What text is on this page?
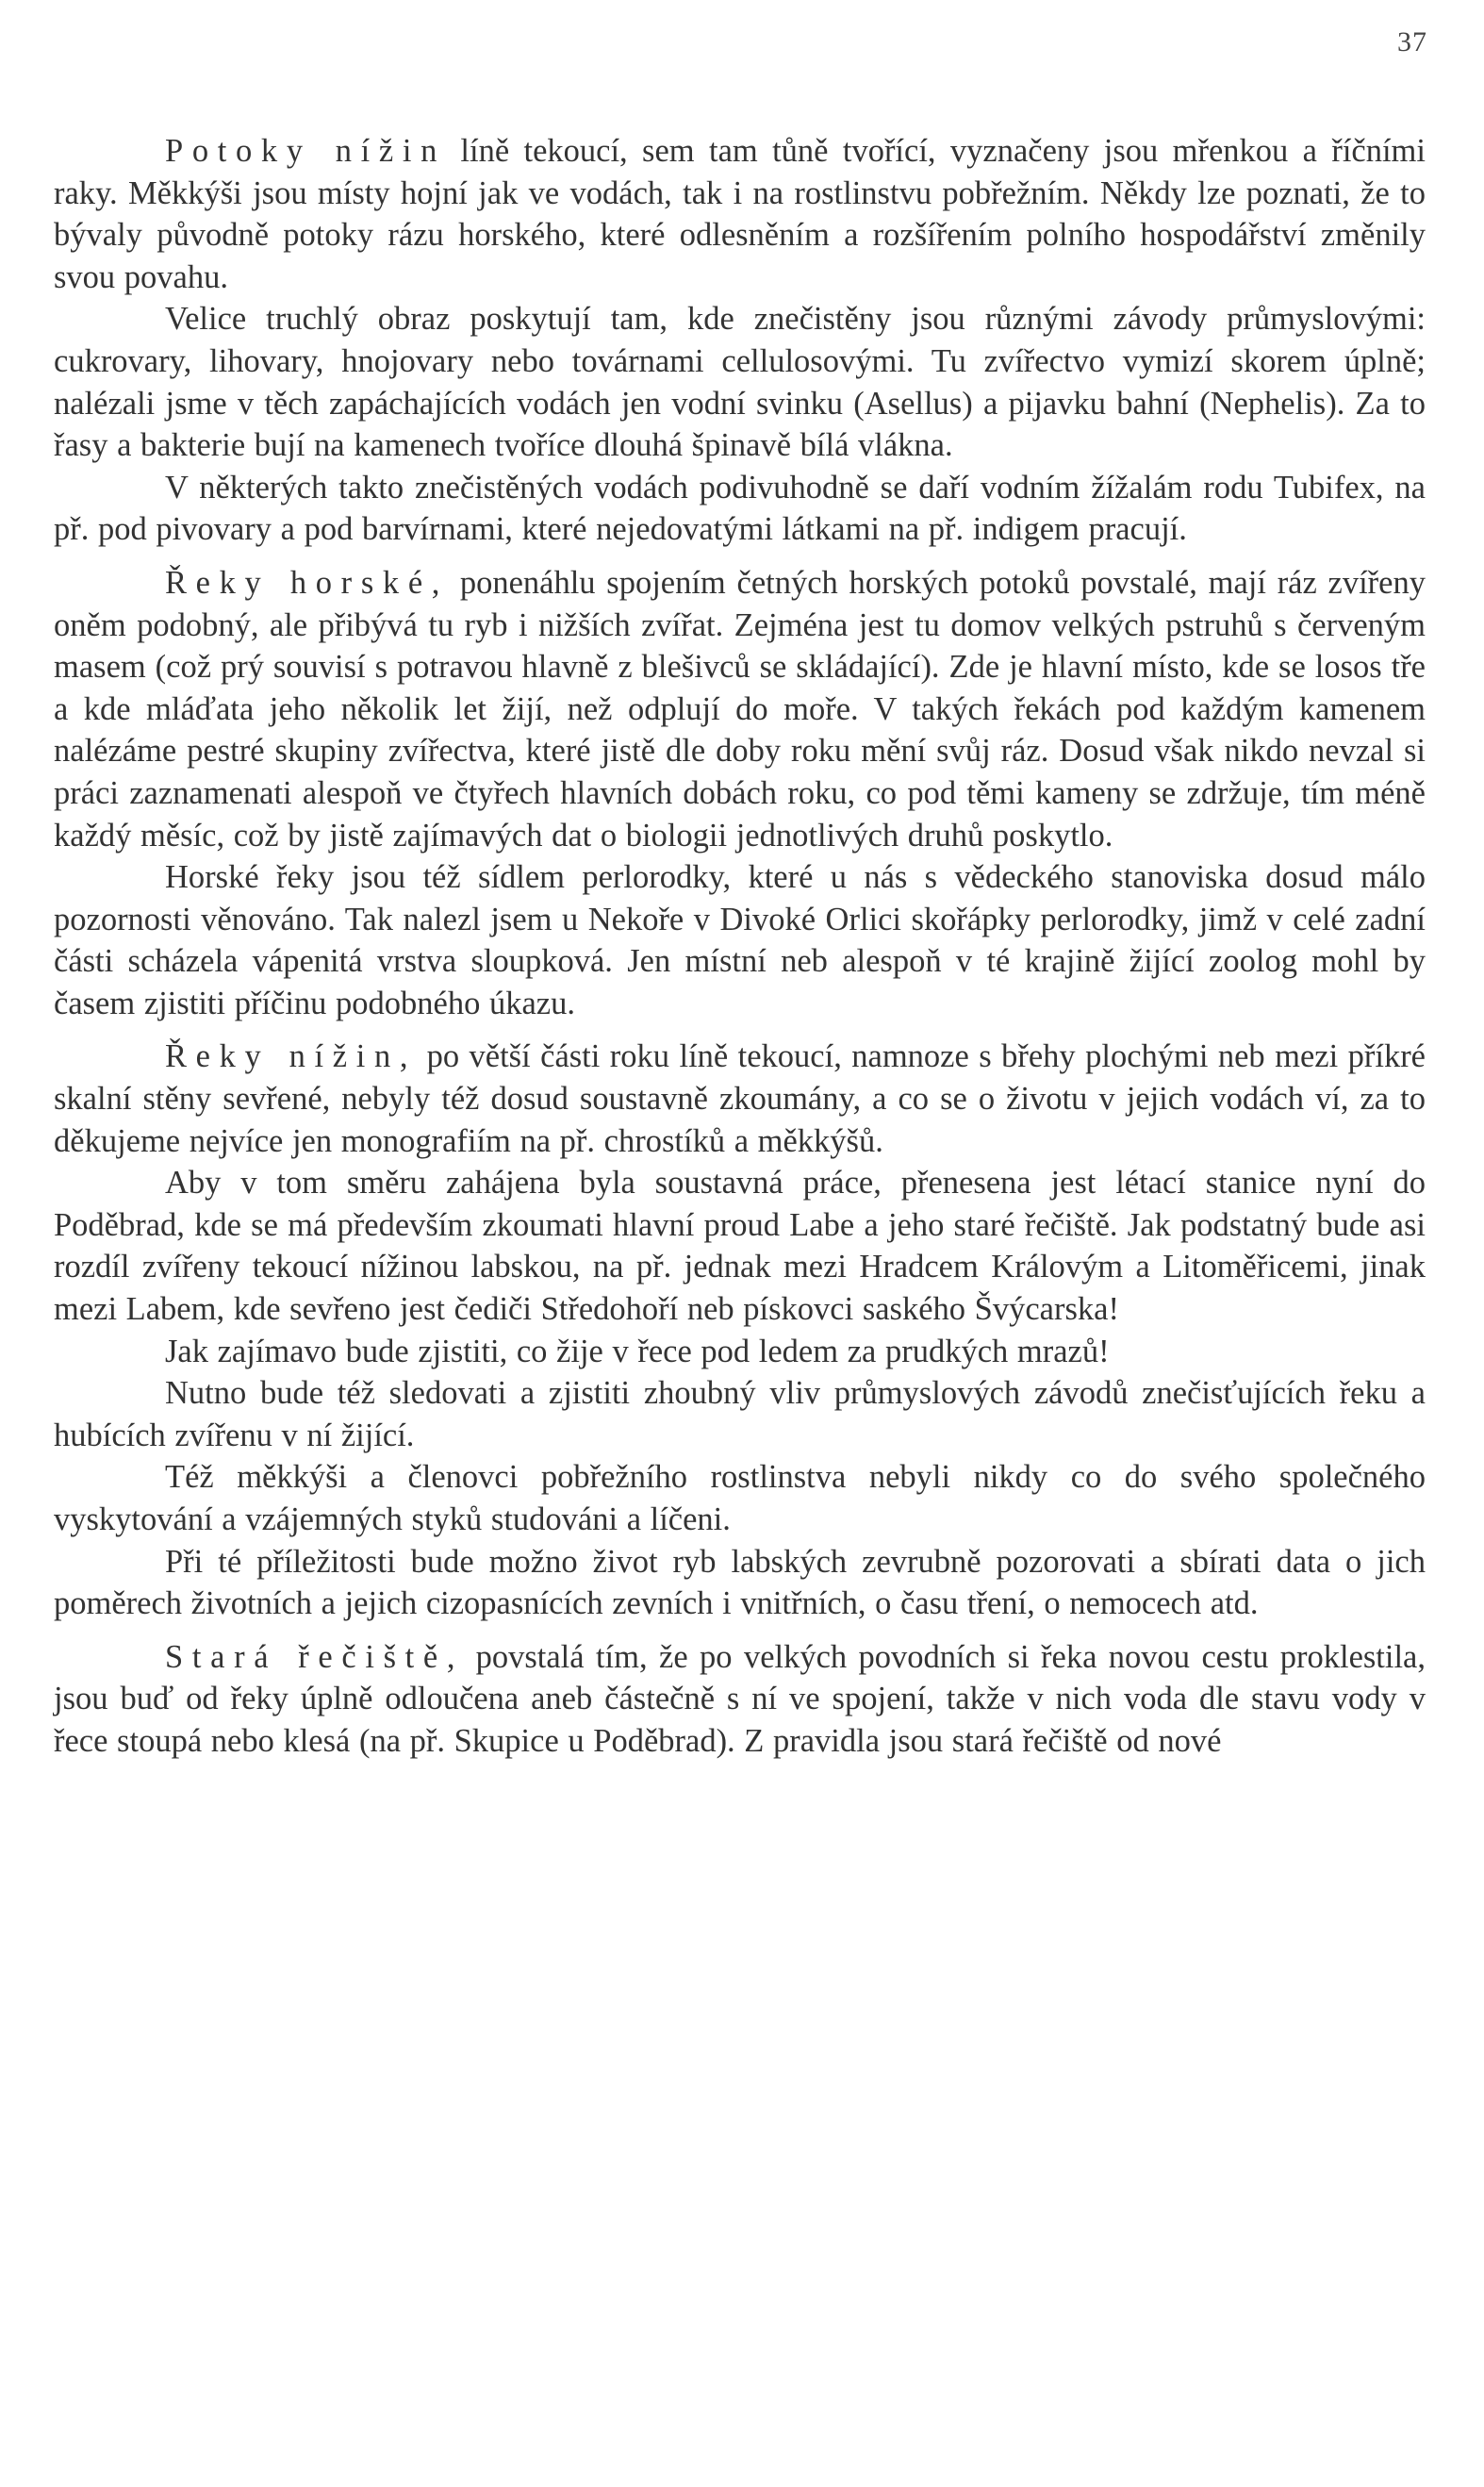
37

Potoky nížin líně tekoucí, sem tam tůně tvořící, vyznačeny jsou mřenkou a říčními raky. Měkkýši jsou místy hojní jak ve vodách, tak i na rostlinstvu pobřežním. Někdy lze poznati, že to bývaly původně potoky rázu horského, které odlesněním a rozšířením polního hospodářství změnily svou povahu.

Velice truchlý obraz poskytují tam, kde znečistěny jsou různými závody průmyslovými: cukrovary, lihovary, hnojovary nebo továrnami cellulosovými. Tu zvířectvo vymizí skorem úplně; nalézali jsme v těch zapáchajících vodách jen vodní svinku (Asellus) a pijavku bahní (Nephelis). Za to řasy a bakterie bují na kamenech tvoříce dlouhá špinavě bílá vlákna.

V některých takto znečistěných vodách podivuhodně se daří vodním žížalám rodu Tubifex, na př. pod pivovary a pod barvírnami, které nejedovatými látkami na př. indigem pracují.

Řeky horské, ponenáhlu spojením četných horských potoků povstalé, mají ráz zvířeny oněm podobný, ale přibývá tu ryb i nižších zvířat. Zejména jest tu domov velkých pstruhů s červeným masem (což prý souvisí s potravou hlavně z blešivců se skládající). Zde je hlavní místo, kde se losos tře a kde mláďata jeho několik let žijí, než odplují do moře. V takých řekách pod každým kamenem nalézáme pestré skupiny zvířectva, které jistě dle doby roku mění svůj ráz. Dosud však nikdo nevzal si práci zaznamenati alespoň ve čtyřech hlavních dobách roku, co pod těmi kameny se zdržuje, tím méně každý měsíc, což by jistě zajímavých dat o biologii jednotlivých druhů poskytlo.

Horské řeky jsou též sídlem perlorodky, které u nás s vědeckého stanoviska dosud málo pozornosti věnováno. Tak nalezl jsem u Nekoře v Divoké Orlici skořápky perlorodky, jimž v celé zadní části scházela vápenitá vrstva sloupková. Jen místní neb alespoň v té krajině žijící zoolog mohl by časem zjistiti příčinu podobného úkazu.

Řeky nížin, po větší části roku líně tekoucí, namnoze s břehy plochými neb mezi příkré skalní stěny sevřené, nebyly též dosud soustavně zkoumány, a co se o životu v jejich vodách ví, za to děkujeme nejvíce jen monografiím na př. chrostíků a měkkýšů.

Aby v tom směru zahájena byla soustavná práce, přenesena jest létací stanice nyní do Poděbrad, kde se má především zkoumati hlavní proud Labe a jeho staré řečiště. Jak podstatný bude asi rozdíl zvířeny tekoucí nížinou labskou, na př. jednak mezi Hradcem Královým a Litoměřicemi, jinak mezi Labem, kde sevřeno jest čediči Středohoří neb pískovci saského Švýcarska!

Jak zajímavo bude zjistiti, co žije v řece pod ledem za prudkých mrazů!

Nutno bude též sledovati a zjistiti zhoubný vliv průmyslových závodů znečisťujících řeku a hubících zvířenu v ní žijící.

Též měkkýši a členovci pobřežního rostlinstva nebyli nikdy co do svého společného vyskytování a vzájemných styků studováni a líčeni.

Při té příležitosti bude možno život ryb labských zevrubně pozorovati a sbírati data o jich poměrech životních a jejich cizopasnících zevních i vnitřních, o času tření, o nemocech atd.

Stará řečiště, povstalá tím, že po velkých povodních si řeka novou cestu proklestila, jsou buď od řeky úplně odloučena aneb částečně s ní ve spojení, takže v nich voda dle stavu vody v řece stoupá nebo klesá (na př. Skupice u Poděbrad). Z pravidla jsou stará řečiště od nové
